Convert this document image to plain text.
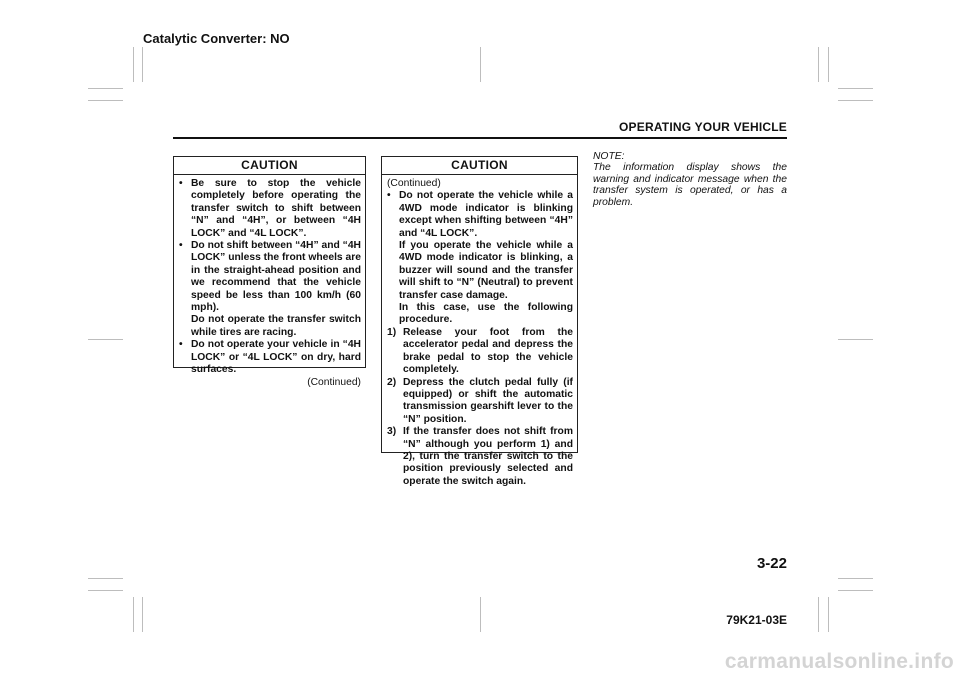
Catalytic Converter: NO
OPERATING YOUR VEHICLE
CAUTION
• Be sure to stop the vehicle completely before operating the transfer switch to shift between “N” and “4H”, or between “4H LOCK” and “4L LOCK”.
• Do not shift between “4H” and “4H LOCK” unless the front wheels are in the straight-ahead position and we recommend that the vehicle speed be less than 100 km/h (60 mph).
Do not operate the transfer switch while tires are racing.
• Do not operate your vehicle in “4H LOCK” or “4L LOCK” on dry, hard surfaces.
(Continued)
CAUTION
(Continued)
• Do not operate the vehicle while a 4WD mode indicator is blinking except when shifting between “4H” and “4L LOCK”.
If you operate the vehicle while a 4WD mode indicator is blinking, a buzzer will sound and the transfer will shift to “N” (Neutral) to prevent transfer case damage.
In this case, use the following procedure.
1) Release your foot from the accelerator pedal and depress the brake pedal to stop the vehicle completely.
2) Depress the clutch pedal fully (if equipped) or shift the automatic transmission gearshift lever to the “N” position.
3) If the transfer does not shift from “N” although you perform 1) and 2), turn the transfer switch to the position previously selected and operate the switch again.
NOTE:
The information display shows the warning and indicator message when the transfer system is operated, or has a problem.
3-22
79K21-03E
carmanualsonline.info
